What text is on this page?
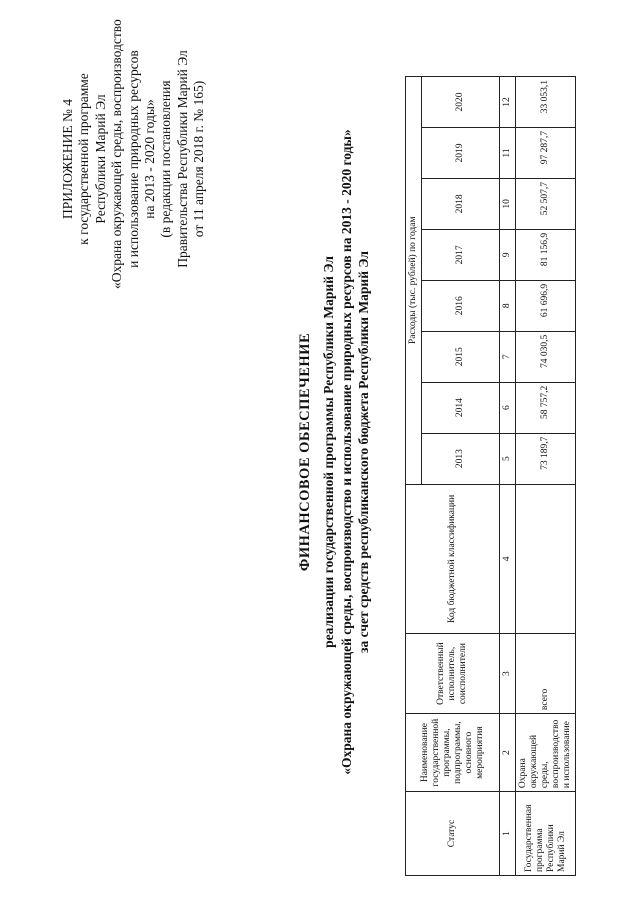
ПРИЛОЖЕНИЕ № 4 к государственной программе Республики Марий Эл «Охрана окружающей среды, воспроизводство и использование природных ресурсов на 2013 - 2020 годы» (в редакции постановления Правительства Республики Марий Эл от 11 апреля 2018 г. № 165)
ФИНАНСОВОЕ ОБЕСПЕЧЕНИЕ реализации государственной программы Республики Марий Эл «Охрана окружающей среды, воспроизводство и использование природных ресурсов на 2013 - 2020 годы» за счет средств республиканского бюджета Республики Марий Эл
Статус	Наименование государственной программы, подпрограммы, основного мероприятия	Ответственный исполнитель, соисполнители	Код бюджетной классификации	Расходы (тыс. рублей) по годам							
				2013	2014	2015	2016	2017	2018	2019	2020
1	2	3	4	5	6	7	8	9	10	11	12
Государственная программа Республики Марий Эл	Охрана окружающей среды, воспроизводство и использование	всего		73 189,7	58 757,2	74 030,5	61 696,9	81 156,9	52 507,7	97 287,7	33 053,1
